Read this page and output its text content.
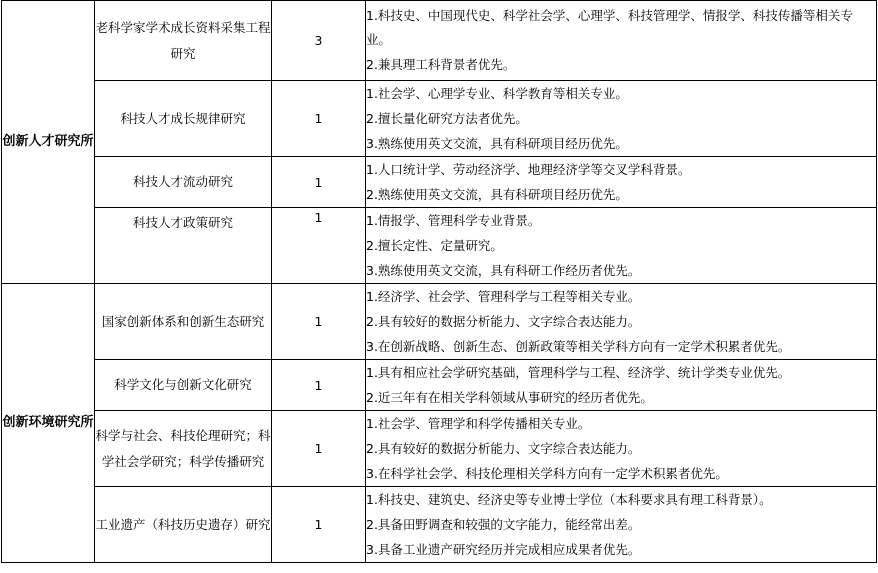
创新人才研究所	老科学家学术成长资料采集工程研究	3	1.科技史、中国现代史、科学社会学、心理学、科技管理学、情报学、科技传播等相关专业。
2.兼具理工科背景者优先。

	科技人才成长规律研究	1	1.社会学、心理学专业、科学教育等相关专业。
2.擅长量化研究方法者优先。
3.熟练使用英文交流，具有科研项目经历优先。

	科技人才流动研究	1	1.人口统计学、劳动经济学、地理经济学等交叉学科背景。
2.熟练使用英文交流，具有科研项目经历优先。

	科技人才政策研究	1	1.情报学、管理科学专业背景。
2.擅长定性、定量研究。
3.熟练使用英文交流，具有科研工作经历者优先。

创新环境研究所	国家创新体系和创新生态研究	1	1.经济学、社会学、管理科学与工程等相关专业。
2.具有较好的数据分析能力、文字综合表达能力。
3.在创新战略、创新生态、创新政策等相关学科方向有一定学术积累者优先。

	科学文化与创新文化研究	1	1.具有相应社会学研究基础，管理科学与工程、经济学、统计学类专业优先。
2.近三年有在相关学科领域从事研究的经历者优先。

	科学与社会、科技伦理研究；科学社会学研究；科学传播研究	1	1.社会学、管理学和科学传播相关专业。
2.具有较好的数据分析能力、文字综合表达能力。
3.在科学社会学、科技伦理相关学科方向有一定学术积累者优先。

	工业遗产（科技历史遗存）研究	1	1.科技史、建筑史、经济史等专业博士学位（本科要求具有理工科背景）。
2.具备田野调查和较强的文字能力，能经常出差。
3.具备工业遗产研究经历并完成相应成果者优先。
